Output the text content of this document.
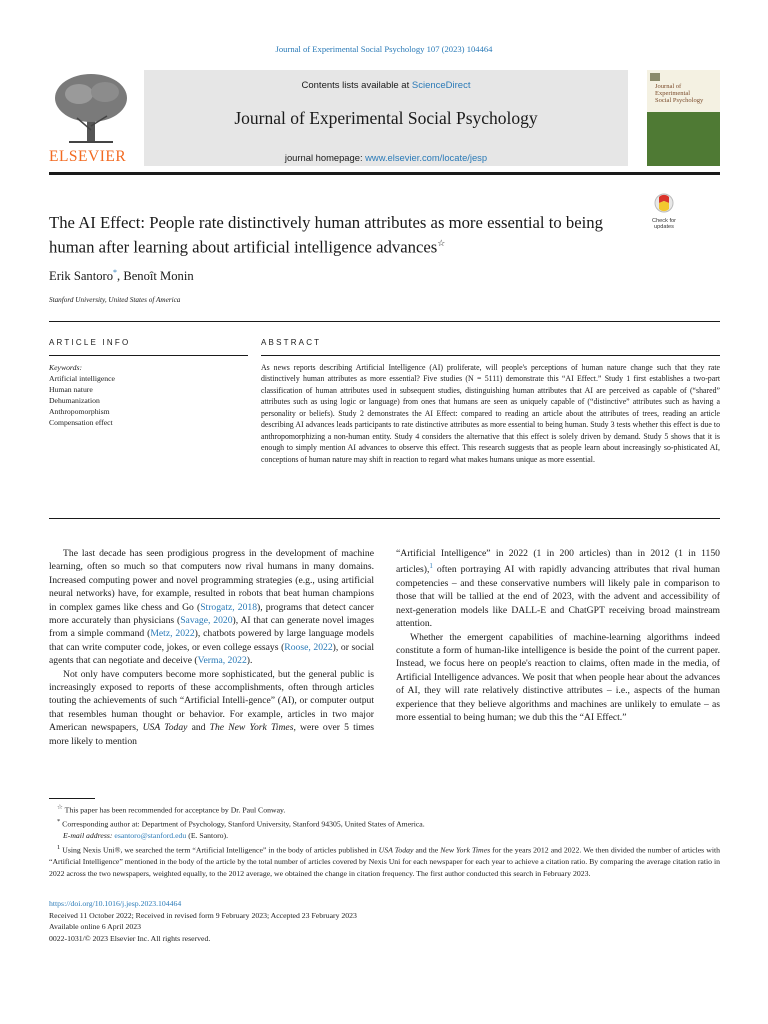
Journal of Experimental Social Psychology 107 (2023) 104464
ELSEVIER
Contents lists available at ScienceDirect
Journal of Experimental Social Psychology
journal homepage: www.elsevier.com/locate/jesp
Journal of
Experimental
Social Psychology
The AI Effect: People rate distinctively human attributes as more essential to being human after learning about artificial intelligence advances☆
Check for updates
Erik Santoro*, Benoît Monin
Stanford University, United States of America
ARTICLE INFO	ABSTRACT
Keywords:
Artificial intelligence
Human nature
Dehumanization
Anthropomorphism
Compensation effect
As news reports describing Artificial Intelligence (AI) proliferate, will people's perceptions of human nature change such that they rate distinctively human attributes as more essential? Five studies (N = 5111) demonstrate this “AI Effect.” Study 1 first establishes a two-part classification of human attributes used in subsequent studies, distinguishing human attributes that AI are perceived as capable of (“shared” attributes such as using logic or language) from ones that humans are seen as uniquely capable of (“distinctive” attributes such as having a personality or beliefs). Study 2 demonstrates the AI Effect: compared to reading an article about the attributes of trees, reading an article describing AI advances leads participants to rate distinctive attributes as more essential to being human. Study 3 tests whether this effect is due to anthropomorphizing a non-human entity. Study 4 considers the alternative that this effect is solely driven by demand. Study 5 shows that it is enough to simply mention AI advances to observe this effect. This research suggests that as people learn about increasingly so-phisticated AI, conceptions of human nature may shift in reaction to regard what makes humans unique as more essential.

The last decade has seen prodigious progress in the development of machine learning, often so much so that computers now rival humans in many domains. Increased computing power and novel programming strategies (e.g., using artificial neural networks) have, for example, resulted in robots that beat human champions in complex games like chess and Go (Strogatz, 2018), programs that detect cancer more accurately than physicians (Savage, 2020), AI that can generate novel images from a simple command (Metz, 2022), chatbots powered by large language models that can write computer code, jokes, or even college essays (Roose, 2022), or social agents that can negotiate and deceive (Verma, 2022).

Not only have computers become more sophisticated, but the general public is increasingly exposed to reports of these accomplishments, often through articles touting the achievements of such “Artificial Intelli-gence” (AI), or computer output that resembles human thought or behavior. For example, articles in two major American newspapers, USA Today and The New York Times, were over 5 times more likely to mention

“Artificial Intelligence” in 2022 (1 in 200 articles) than in 2012 (1 in 1150 articles),$^1$ often portraying AI with rapidly advancing attributes that rival human competencies – and these conservative numbers will likely pale in comparison to those that will be tallied at the end of 2023, with the advent and accessibility of next-generation models like DALL-E and ChatGPT receiving broad mainstream attention.

Whether the emergent capabilities of machine-learning algorithms indeed constitute a form of human-like intelligence is beside the point of the current paper. Instead, we focus here on people's reaction to claims, often made in the media, of Artificial Intelligence advances. We posit that when people hear about the advances of AI, they will rate relatively distinctive attributes – i.e., aspects of the human experience that they believe algorithms and machines are unlikely to emulate – as more essential to being human; we dub this the “AI Effect.”

☆ This paper has been recommended for acceptance by Dr. Paul Conway.
* Corresponding author at: Department of Psychology, Stanford University, Stanford 94305, United States of America.
E-mail address: esantoro@stanford.edu (E. Santoro).
$^1$ Using Nexis Uni®, we searched the term “Artificial Intelligence” in the body of articles published in USA Today and the New York Times for the years 2012 and 2022. We then divided the number of articles with “Artificial Intelligence” mentioned in the body of the article by the total number of articles covered by Nexis Uni for each newspaper for each year to achieve a citation ratio. By comparing the average citation ratio in 2022 across the two newspapers, weighted equally, to the 2012 average, we obtained the change in citation frequency. The first author conducted this search in February 2023.
https://doi.org/10.1016/j.jesp.2023.104464
Received 11 October 2022; Received in revised form 9 February 2023; Accepted 23 February 2023
Available online 6 April 2023
0022-1031/© 2023 Elsevier Inc. All rights reserved.
